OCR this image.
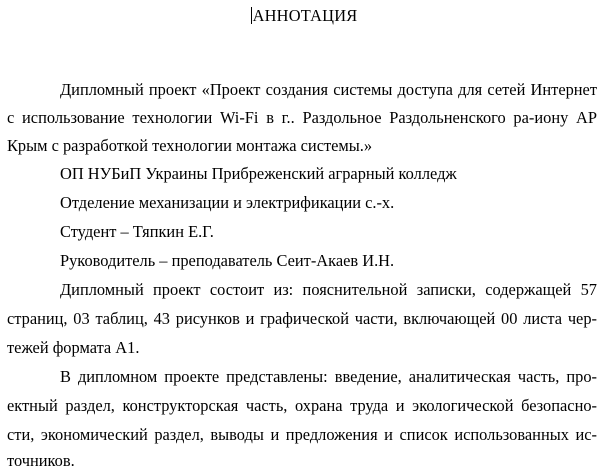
АННОТАЦИЯ
Дипломный проект «Проект создания системы доступа для сетей Интернет
с использование технологии Wi-Fi в г.. Раздольное Раздольненского ра-иону АР
Крым с разработкой технологии монтажа системы.»
ОП НУБиП Украины Прибреженский аграрный колледж
Отделение механизации и электрификации с.-х.
Студент – Тяпкин Е.Г.
Руководитель – преподаватель Сеит-Акаев И.Н.
Дипломный проект состоит из: пояснительной записки, содержащей 57
страниц, 03 таблиц, 43 рисунков и графической части, включающей 00 листа чер-
тежей формата А1.
В дипломном проекте представлены: введение, аналитическая часть, про-
ектный раздел, конструкторская часть, охрана труда и экологической безопасно-
сти, экономический раздел, выводы и предложения и список использованных ис-
точников.
